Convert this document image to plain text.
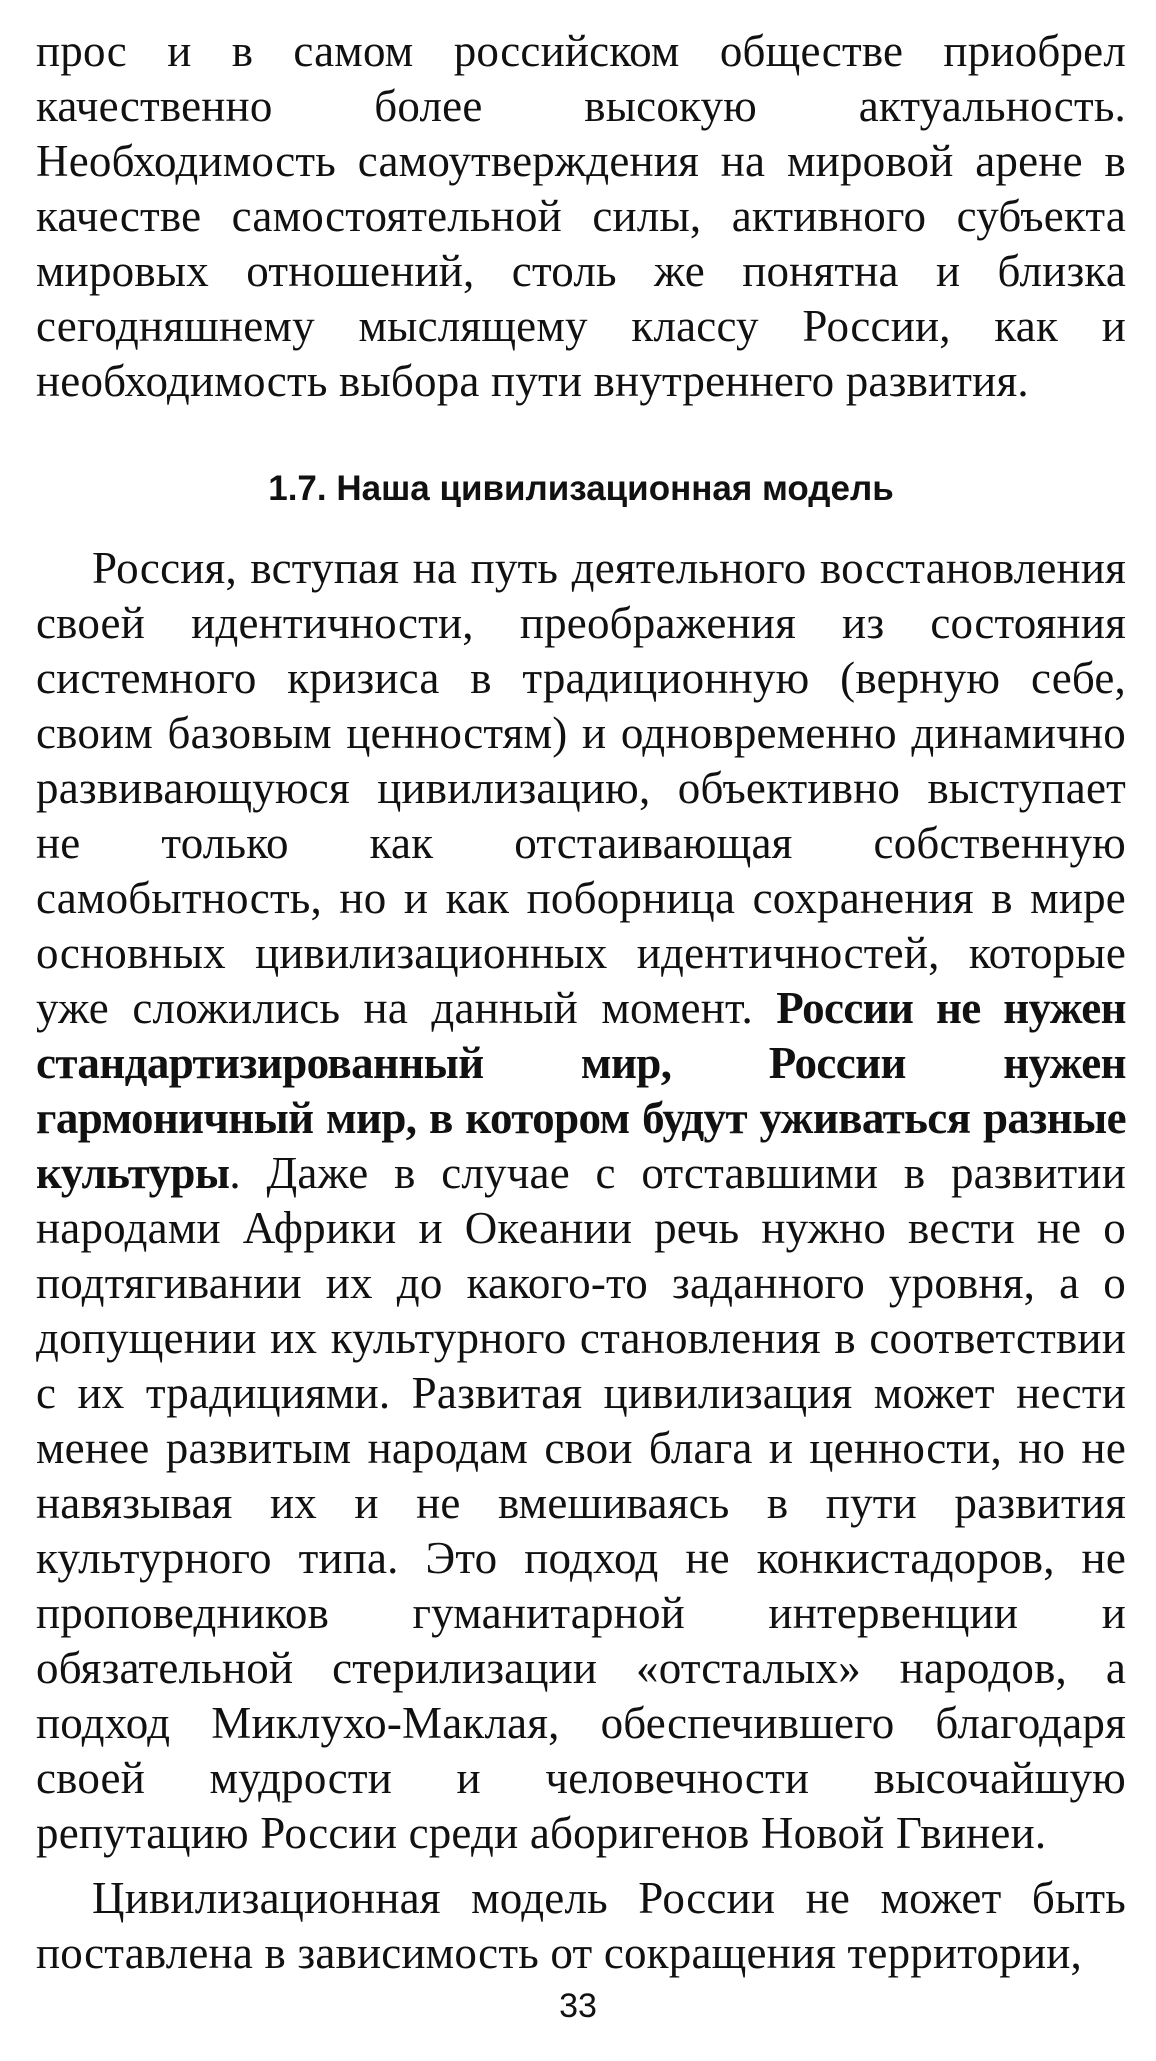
прос и в самом российском обществе приобрел качественно более высокую актуальность. Необходимость самоутверждения на мировой арене в качестве самостоятельной силы, активного субъекта мировых отношений, столь же понятна и близка сегодняшнему мыслящему классу России, как и необходимость выбора пути внутреннего развития.

1.7. Наша цивилизационная модель

Россия, вступая на путь деятельного восстановления своей идентичности, преображения из состояния системного кризиса в традиционную (верную себе, своим базовым ценностям) и одновременно динамично развивающуюся цивилизацию, объективно выступает не только как отстаивающая собственную самобытность, но и как поборница сохранения в мире основных цивилизационных идентичностей, которые уже сложились на данный момент. России не нужен стандартизированный мир, России нужен гармоничный мир, в котором будут уживаться разные культуры. Даже в случае с отставшими в развитии народами Африки и Океании речь нужно вести не о подтягивании их до какого-то заданного уровня, а о допущении их культурного становления в соответствии с их традициями. Развитая цивилизация может нести менее развитым народам свои блага и ценности, но не навязывая их и не вмешиваясь в пути развития культурного типа. Это подход не конкистадоров, не проповедников гуманитарной интервенции и обязательной стерилизации «отсталых» народов, а подход Миклухо-Маклая, обеспечившего благодаря своей мудрости и человечности высочайшую репутацию России среди аборигенов Новой Гвинеи.

Цивилизационная модель России не может быть поставлена в зависимость от сокращения территории,

33
